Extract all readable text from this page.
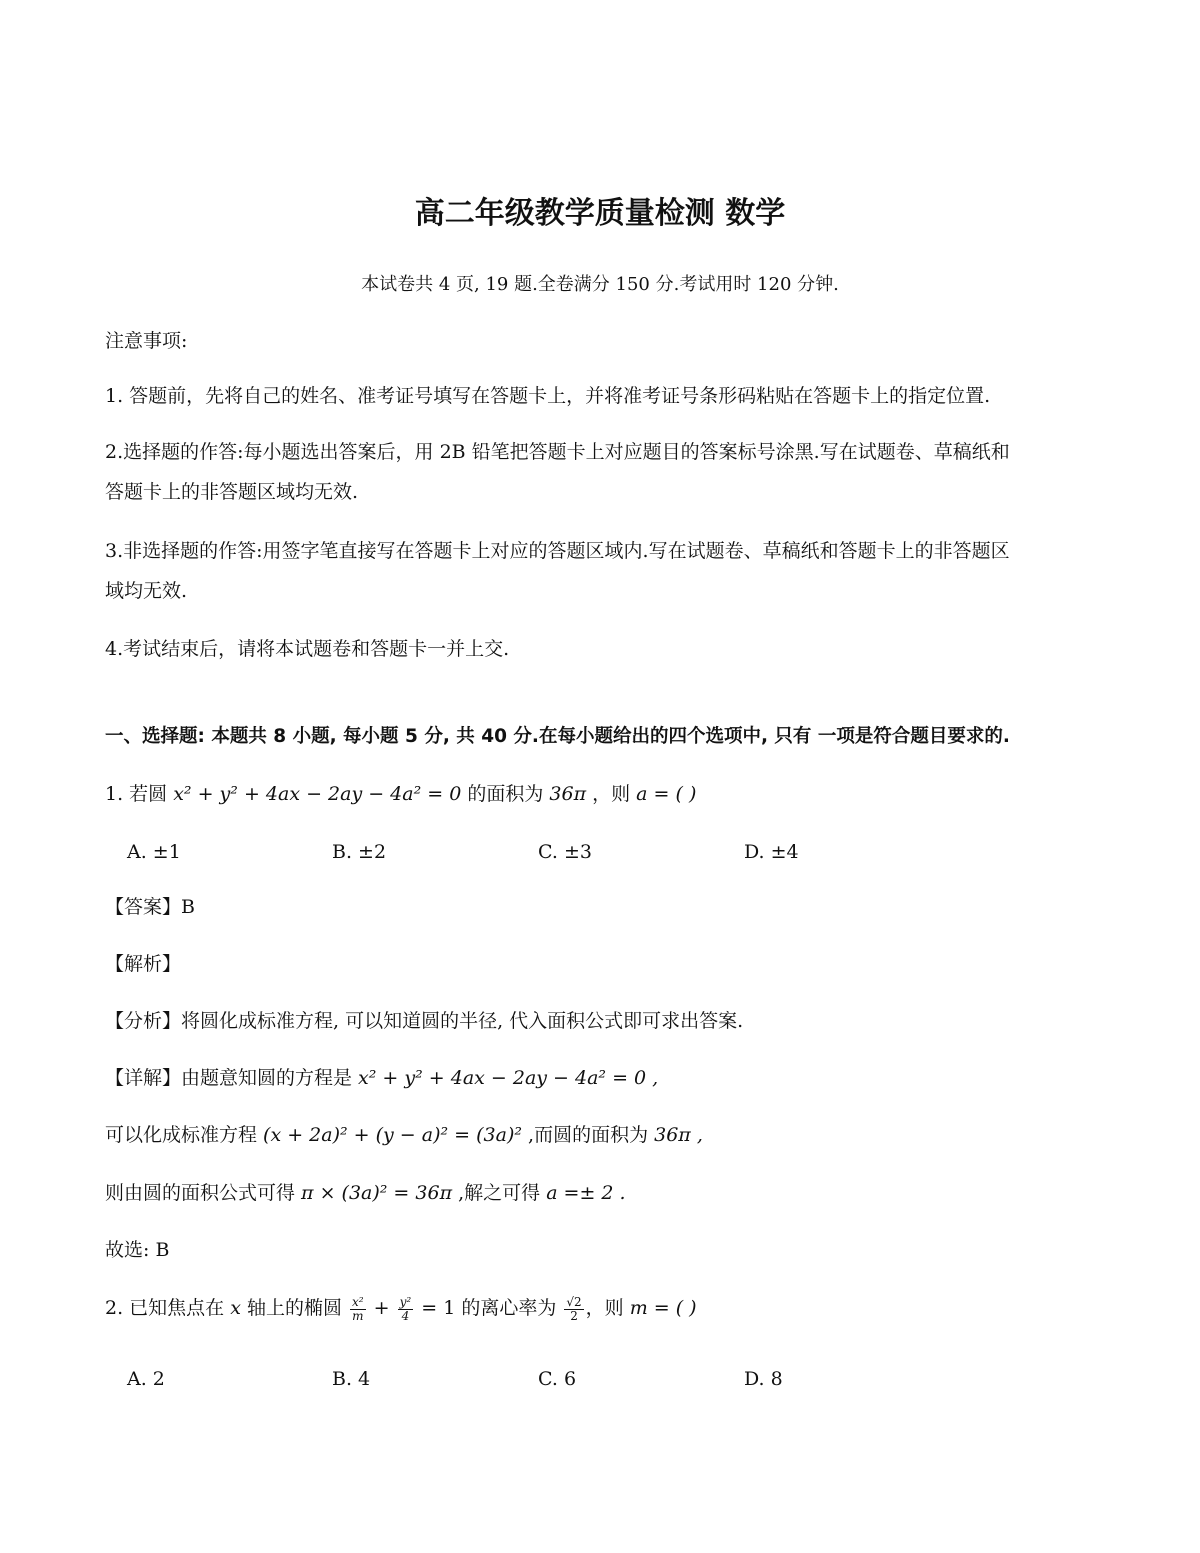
高二年级教学质量检测 数学
本试卷共 4 页, 19 题.全卷满分 150 分.考试用时 120 分钟.
注意事项:
1. 答题前，先将自己的姓名、准考证号填写在答题卡上，并将准考证号条形码粘贴在答题卡上的指定位置.
2.选择题的作答:每小题选出答案后，用 2B 铅笔把答题卡上对应题目的答案标号涂黑.写在试题卷、草稿纸和
答题卡上的非答题区域均无效.
3.非选择题的作答:用签字笔直接写在答题卡上对应的答题区域内.写在试题卷、草稿纸和答题卡上的非答题区
域均无效.
4.考试结束后，请将本试题卷和答题卡一并上交.
一、选择题: 本题共 8 小题, 每小题 5 分, 共 40 分.在每小题给出的四个选项中, 只有 一项是符合题目要求的.
1. 若圆 x² + y² + 4ax − 2ay − 4a² = 0 的面积为 36π ，则 a = ( )
A. ±1	B. ±2	C. ±3	D. ±4
【答案】B
【解析】
【分析】将圆化成标准方程, 可以知道圆的半径, 代入面积公式即可求出答案.
【详解】由题意知圆的方程是 x² + y² + 4ax − 2ay − 4a² = 0 ,
可以化成标准方程 (x + 2a)² + (y − a)² = (3a)² ,而圆的面积为 36π ,
则由圆的面积公式可得 π × (3a)² = 36π ,解之可得 a =± 2 .
故选: B
2. 已知焦点在 x 轴上的椭圆 $\frac{\text{x²}}{m} + \frac{\text{y²}}{4} = 1$ 的离心率为 $\frac{√2}{2}$ ，则 m = ( )
A. 2	B. 4	C. 6	D. 8
